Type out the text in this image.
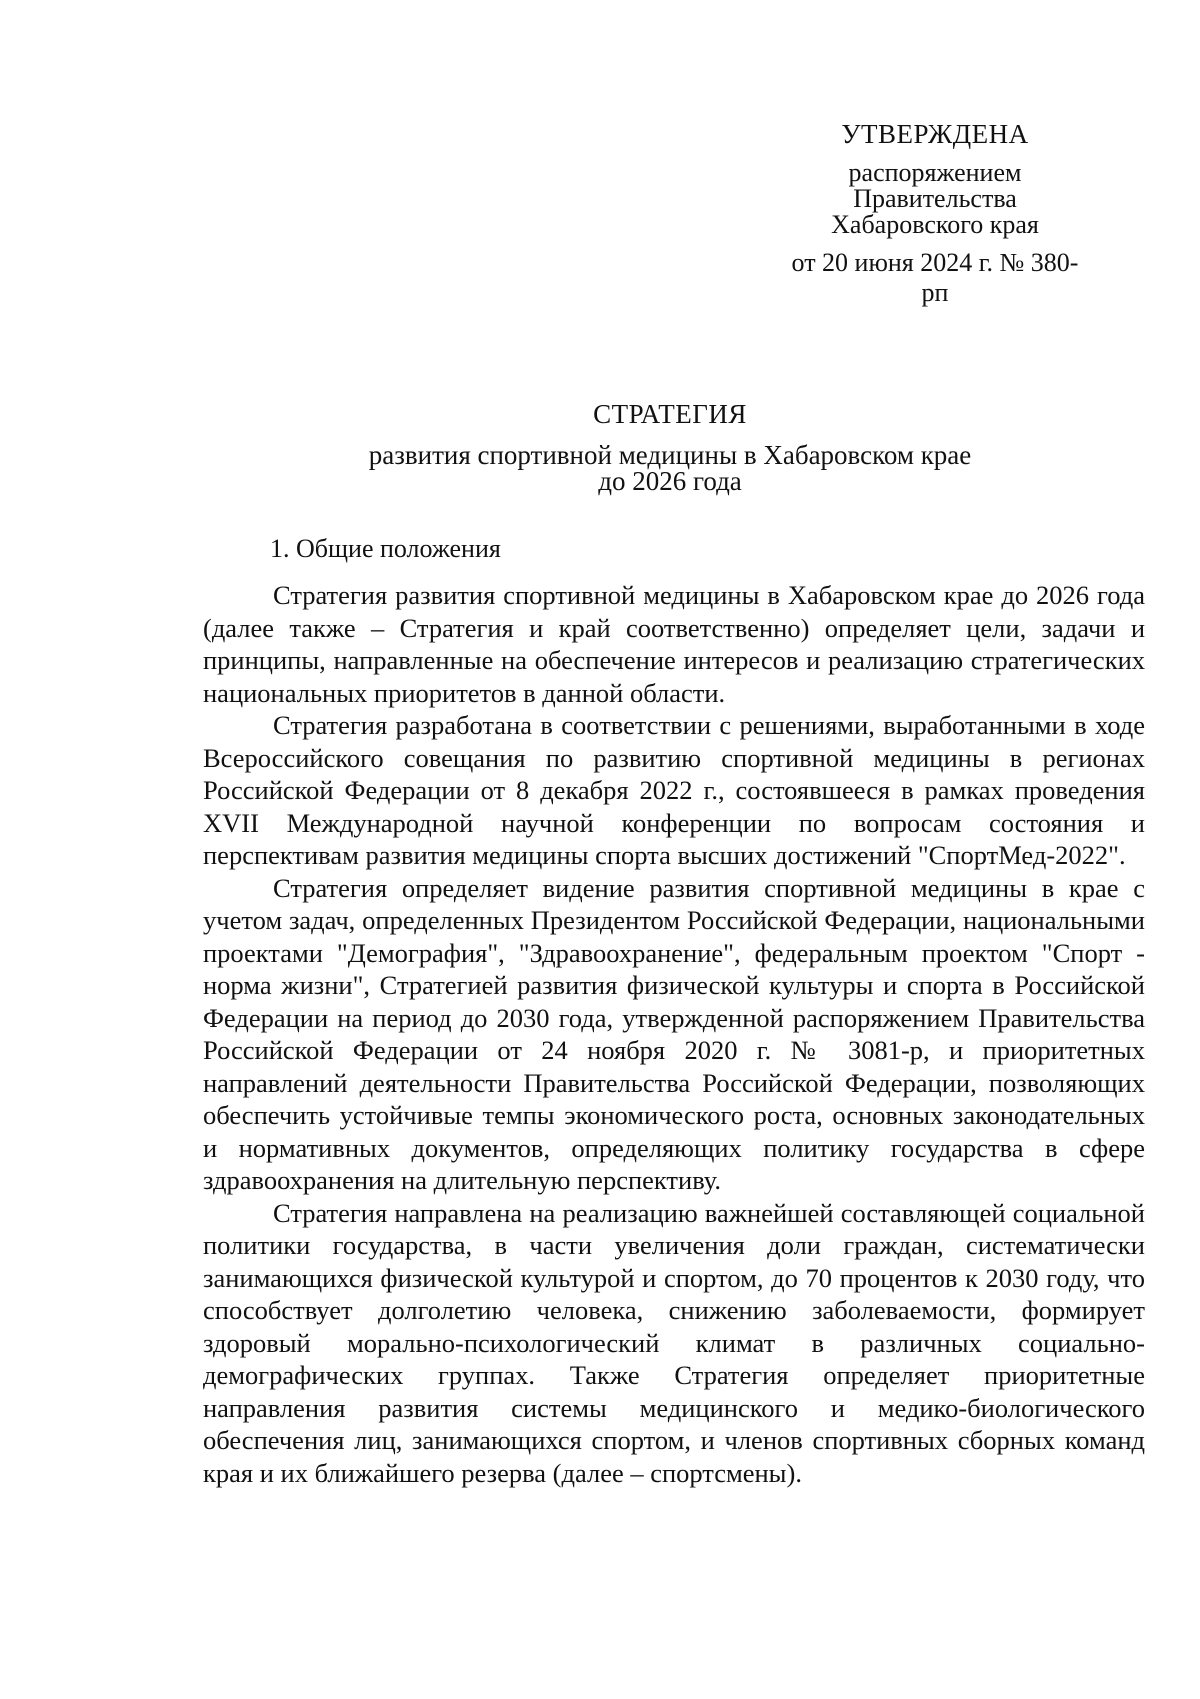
УТВЕРЖДЕНА
распоряжением
Правительства
Хабаровского края
от 20 июня 2024 г. № 380-рп
СТРАТЕГИЯ
развития спортивной медицины в Хабаровском крае
до 2026 года
1. Общие положения

Стратегия развития спортивной медицины в Хабаровском крае до 2026 года (далее также – Стратегия и край соответственно) определяет цели, задачи и принципы, направленные на обеспечение интересов и реализацию стратегических национальных приоритетов в данной области.

Стратегия разработана в соответствии с решениями, выработанными в ходе Всероссийского совещания по развитию спортивной медицины в регионах Российской Федерации от 8 декабря 2022 г., состоявшееся в рамках проведения XVII Международной научной конференции по вопросам состояния и перспективам развития медицины спорта высших достижений "СпортМед-2022".

Стратегия определяет видение развития спортивной медицины в крае с учетом задач, определенных Президентом Российской Федерации, национальными проектами "Демография", "Здравоохранение", федеральным проектом "Спорт - норма жизни", Стратегией развития физической культуры и спорта в Российской Федерации на период до 2030 года, утвержденной распоряжением Правительства Российской Федерации от 24 ноября 2020 г. № 3081-р, и приоритетных направлений деятельности Правительства Российской Федерации, позволяющих обеспечить устойчивые темпы экономического роста, основных законодательных и нормативных документов, определяющих политику государства в сфере здравоохранения на длительную перспективу.

Стратегия направлена на реализацию важнейшей составляющей социальной политики государства, в части увеличения доли граждан, систематически занимающихся физической культурой и спортом, до 70 процентов к 2030 году, что способствует долголетию человека, снижению заболеваемости, формирует здоровый морально-психологический климат в различных социально-демографических группах. Также Стратегия определяет приоритетные направления развития системы медицинского и медико-биологического обеспечения лиц, занимающихся спортом, и членов спортивных сборных команд края и их ближайшего резерва (далее – спортсмены).
